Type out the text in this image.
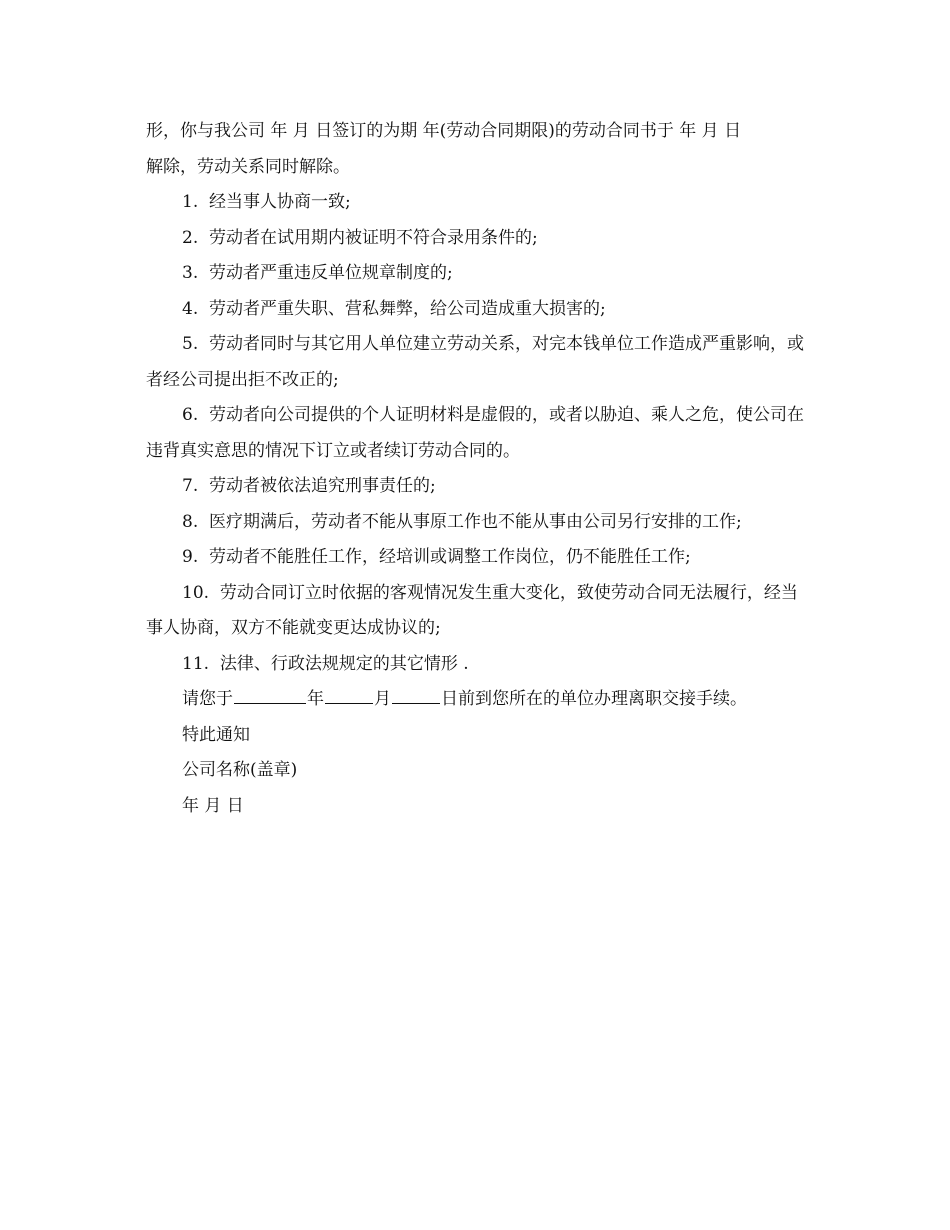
形，你与我公司 年 月 日签订的为期 年(劳动合同期限)的劳动合同书于 年 月 日
解除，劳动关系同时解除。

1. 经当事人协商一致;

2. 劳动者在试用期内被证明不符合录用条件的;

3. 劳动者严重违反单位规章制度的;

4. 劳动者严重失职、营私舞弊，给公司造成重大损害的;

5. 劳动者同时与其它用人单位建立劳动关系，对完本钱单位工作造成严重影响，或者经公司提出拒不改正的;

6. 劳动者向公司提供的个人证明材料是虚假的，或者以胁迫、乘人之危，使公司在违背真实意思的情况下订立或者续订劳动合同的。

7. 劳动者被依法追究刑事责任的;

8. 医疗期满后，劳动者不能从事原工作也不能从事由公司另行安排的工作;

9. 劳动者不能胜任工作，经培训或调整工作岗位，仍不能胜任工作;

10. 劳动合同订立时依据的客观情况发生重大变化，致使劳动合同无法履行，经当事人协商，双方不能就变更达成协议的;

11. 法律、行政法规规定的其它情形 .

请您于	年	月	日前到您所在的单位办理离职交接手续。

特此通知

公司名称(盖章)

年 月 日
